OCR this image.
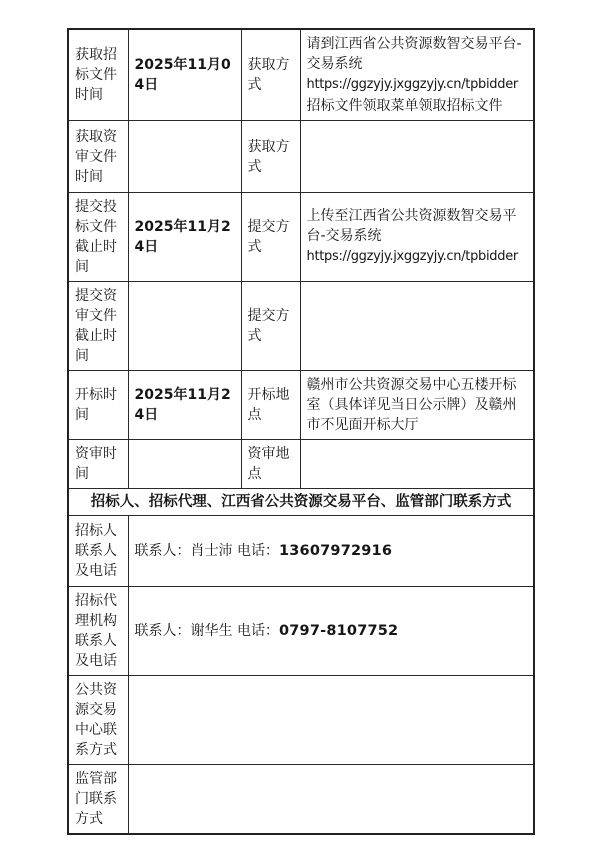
获取招标文件时间	2025年11月04日	获取方式	请到江西省公共资源数智交易平台-交易系统
https://ggzyjy.jxggzyjy.cn/tpbidder
招标文件领取菜单领取招标文件

获取资审文件时间		获取方式	
提交投标文件截止时间	2025年11月24日	提交方式	上传至江西省公共资源数智交易平台-交易系统
https://ggzyjy.jxggzyjy.cn/tpbidder

提交资审文件截止时间		提交方式	
开标时间	2025年11月24日	开标地点	赣州市公共资源交易中心五楼开标室（具体详见当日公示牌）及赣州市不见面开标大厅

资审时间		资审地点	
招标人、招标代理、江西省公共资源交易平台、监管部门联系方式			
招标人联系人及电话	联系人：肖士沛 电话：13607972916		
招标代理机构联系人及电话	联系人：谢华生 电话：0797-8107752		
公共资源交易中心联系方式			
监管部门联系方式			
